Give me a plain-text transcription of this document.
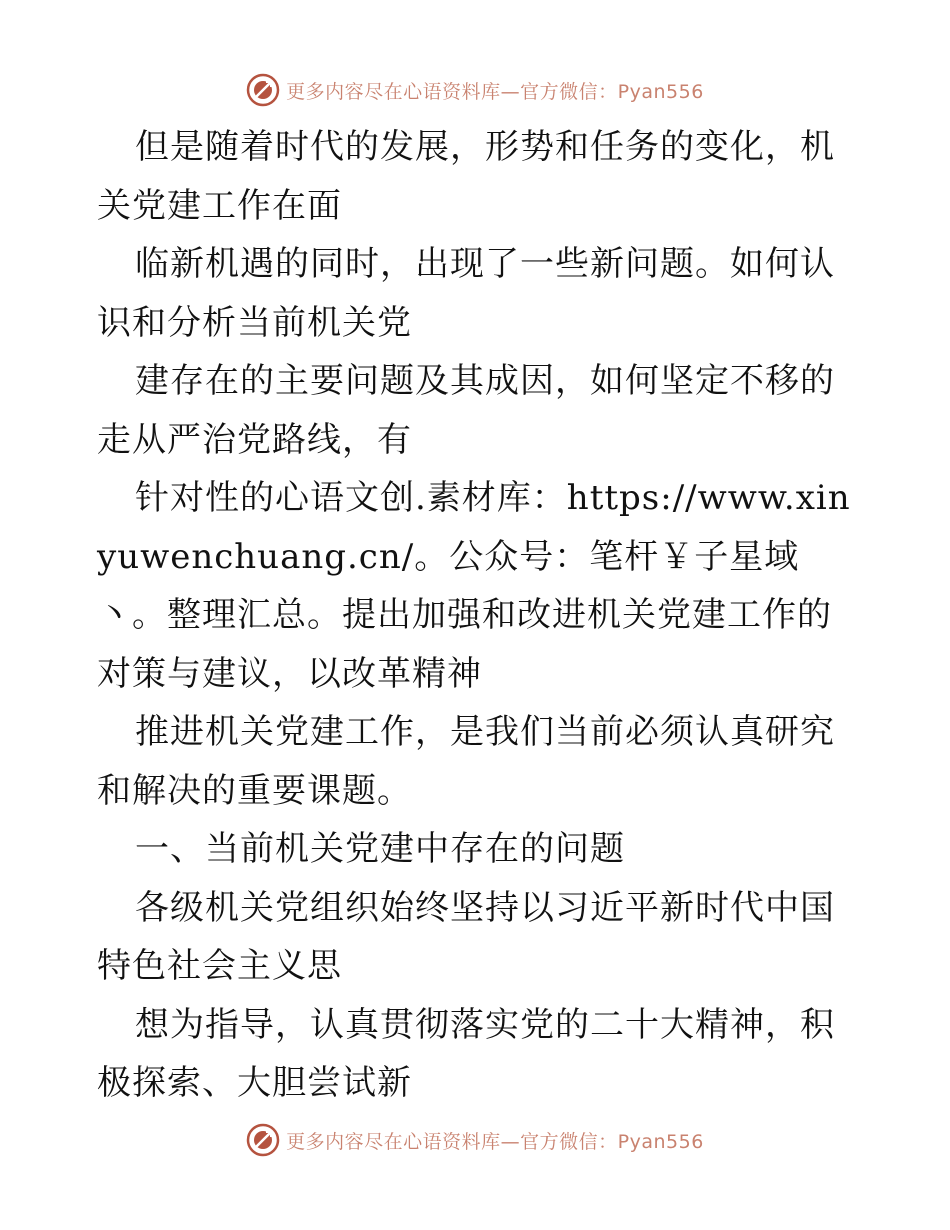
更多内容尽在心语资料库—官方微信：Pyan556

但是随着时代的发展，形势和任务的变化，机关党建工作在面

临新机遇的同时，出现了一些新问题。如何认识和分析当前机关党

建存在的主要问题及其成因，如何坚定不移的走从严治党路线，有

针对性的心语文创.素材库：https://www.xinyuwenchuang.cn/。公众号：笔杆￥子星域丶。整理汇总。提出加强和改进机关党建工作的对策与建议，以改革精神

推进机关党建工作，是我们当前必须认真研究和解决的重要课题。

一、当前机关党建中存在的问题

各级机关党组织始终坚持以习近平新时代中国特色社会主义思

想为指导，认真贯彻落实党的二十大精神，积极探索、大胆尝试新

更多内容尽在心语资料库—官方微信：Pyan556
